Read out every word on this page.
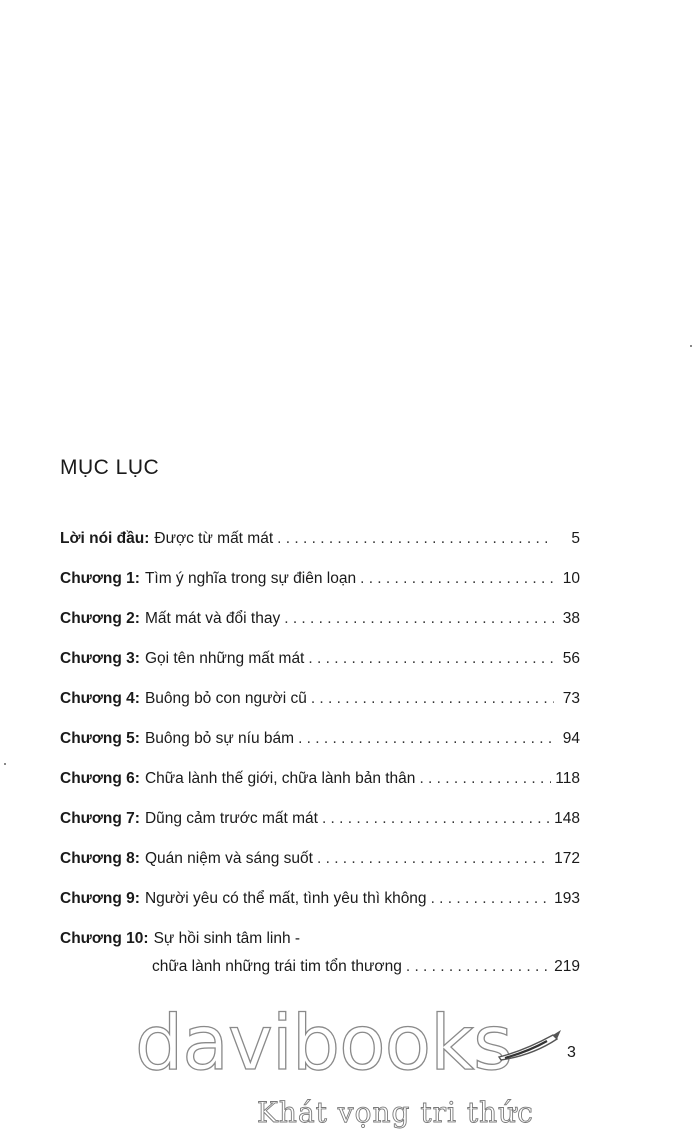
MỤC LỤC
Lời nói đầu: Được từ mất mát . . .	5
Chương 1: Tìm ý nghĩa trong sự điên loạn . . .	10
Chương 2: Mất mát và đổi thay . . .	38
Chương 3: Gọi tên những mất mát . . .	56
Chương 4: Buông bỏ con người cũ . . .	73
Chương 5: Buông bỏ sự níu bám . . .	94
Chương 6: Chữa lành thế giới, chữa lành bản thân . . .	118
Chương 7: Dũng cảm trước mất mát . . .	148
Chương 8: Quán niệm và sáng suốt . . .	172
Chương 9: Người yêu có thể mất, tình yêu thì không . . .	193
Chương 10: Sự hồi sinh tâm linh -
chữa lành những trái tim tổn thương . . .	219
davibooks
Khát vọng tri thức
3
